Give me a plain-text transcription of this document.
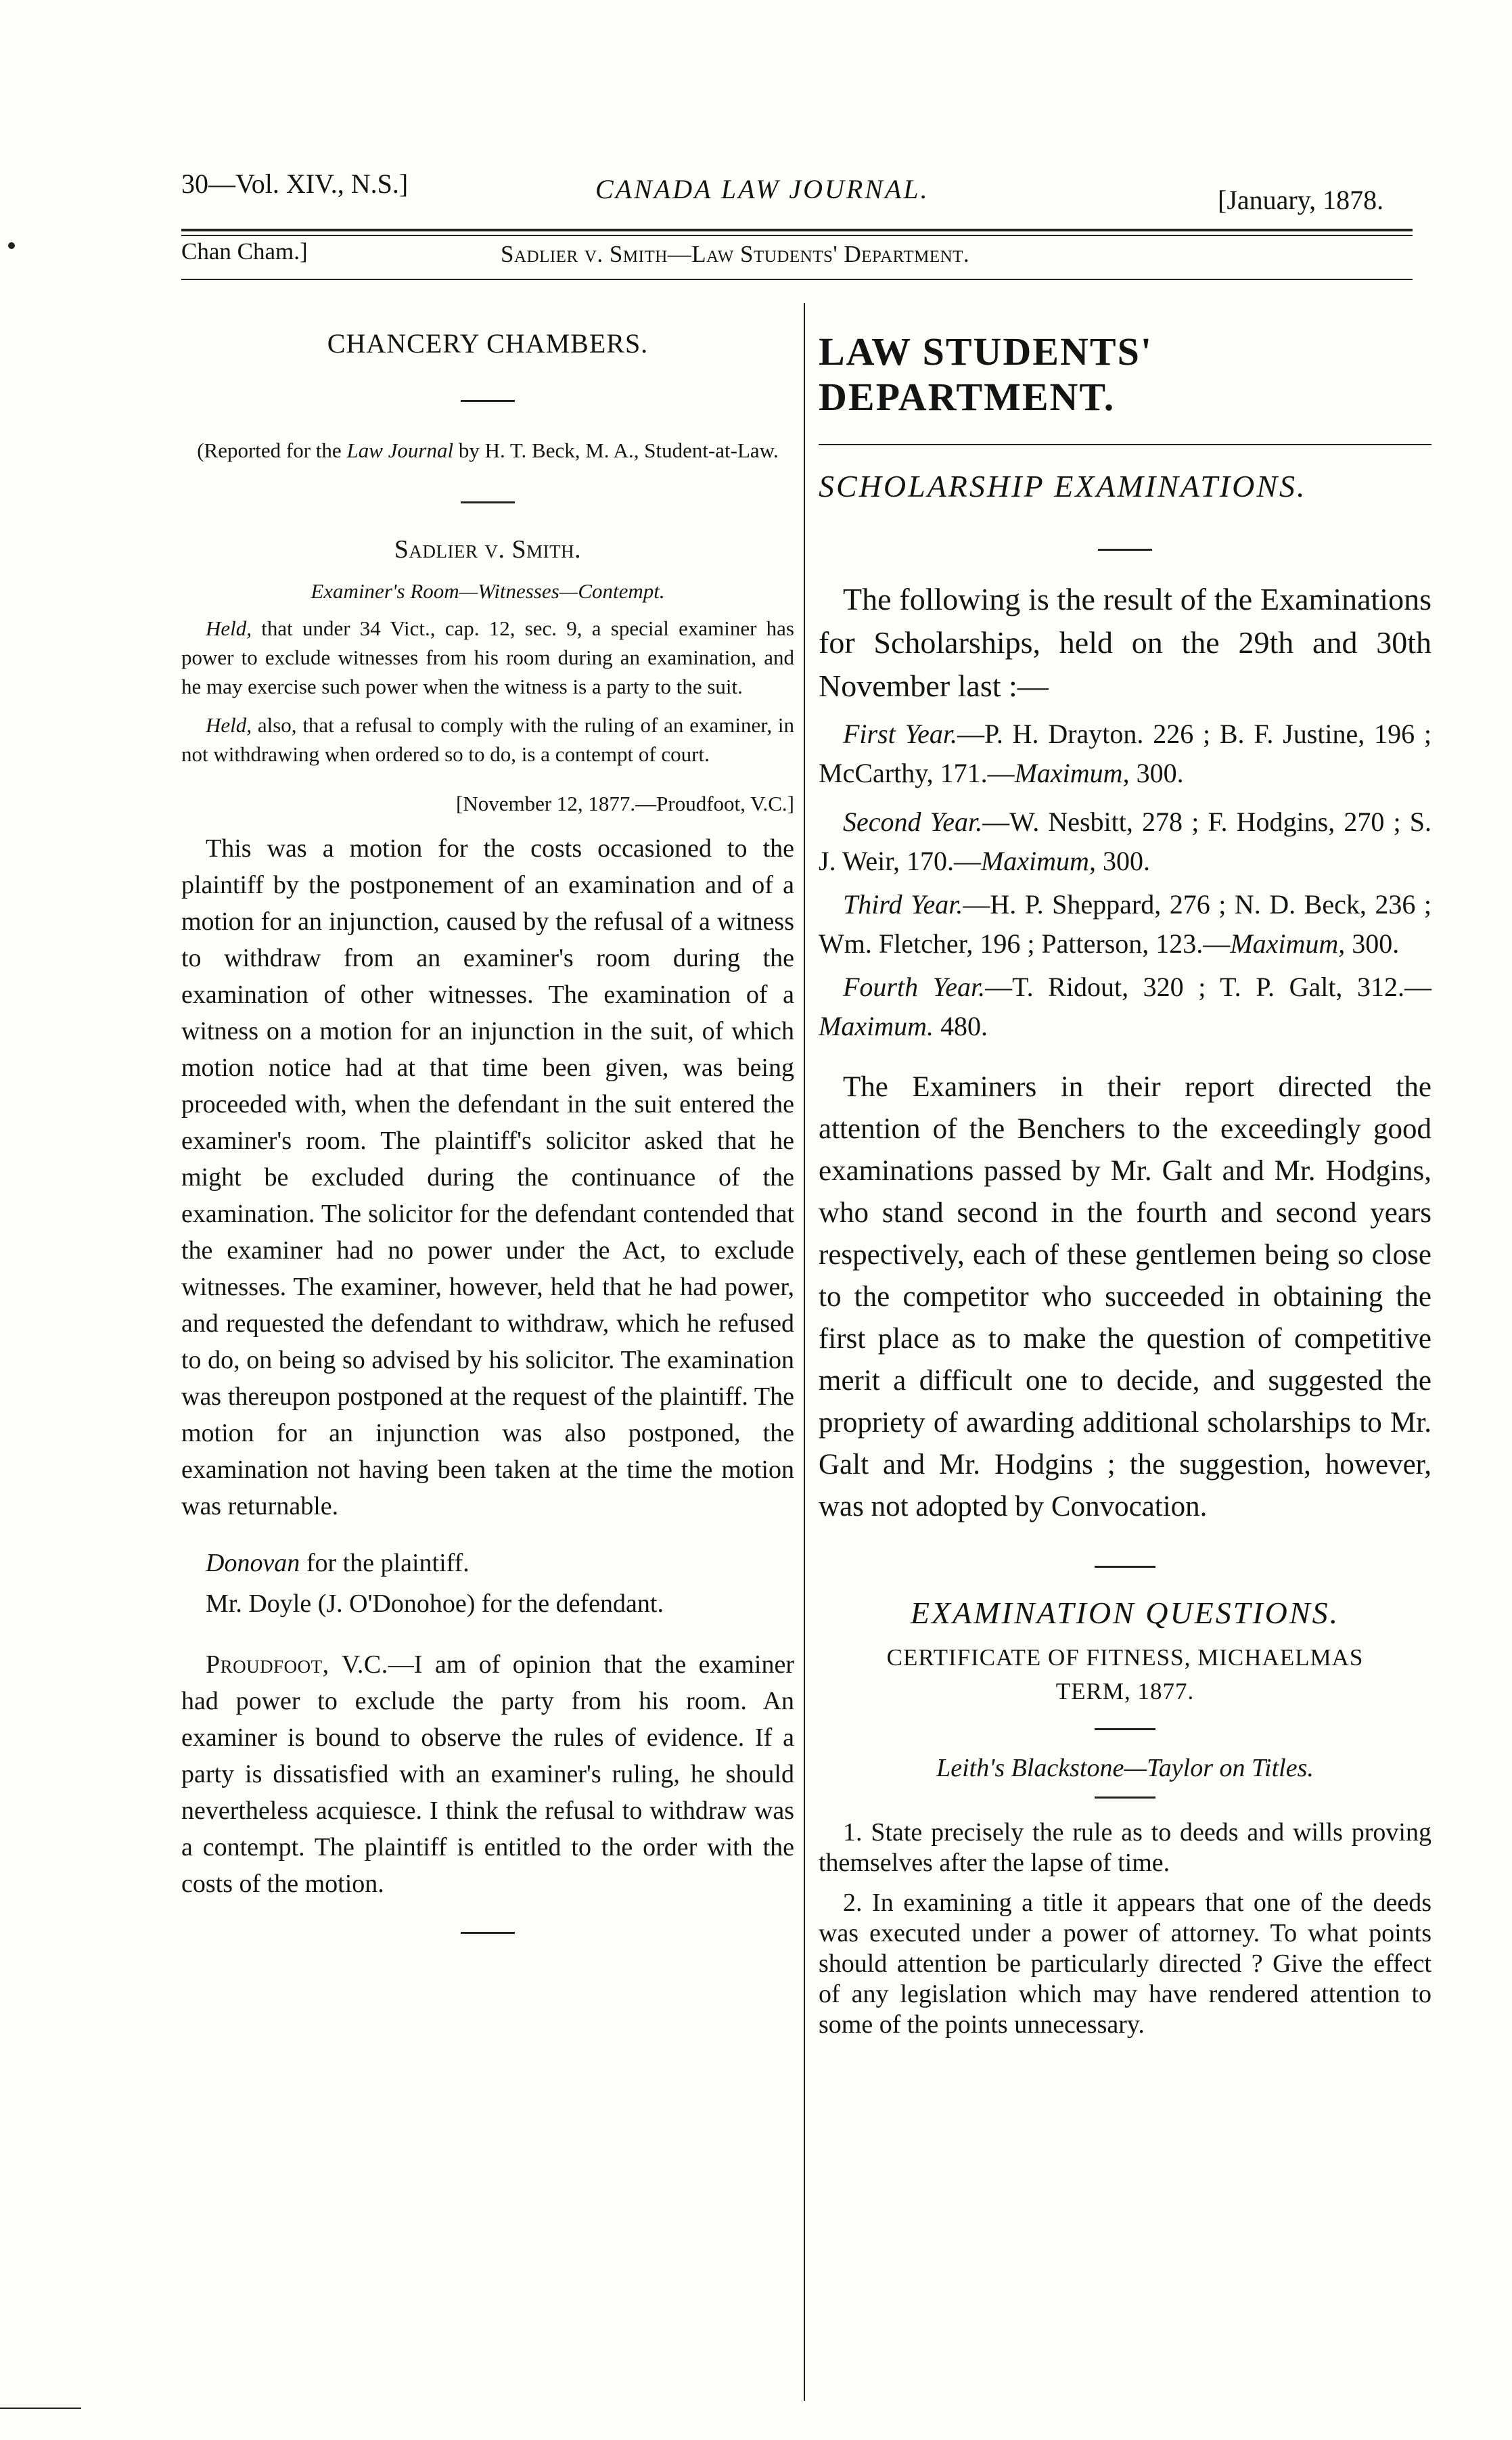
30—Vol. XIV., N.S.]	CANADA LAW JOURNAL.	[January, 1878.
Chan Cham.]	Sadlier v. Smith—Law Students' Department.
CHANCERY CHAMBERS.
(Reported for the Law Journal by H. T. Beck, M. A., Student-at-Law.
Sadlier v. Smith.
Examiner's Room—Witnesses—Contempt.

Held, that under 34 Vict., cap. 12, sec. 9, a special examiner has power to exclude witnesses from his room during an examination, and he may exercise such power when the witness is a party to the suit.

Held, also, that a refusal to comply with the ruling of an examiner, in not withdrawing when ordered so to do, is a contempt of court.

[November 12, 1877.—Proudfoot, V.C.]

This was a motion for the costs occasioned to the plaintiff by the postponement of an examination and of a motion for an injunction, caused by the refusal of a witness to withdraw from an examiner's room during the examination of other witnesses. The examination of a witness on a motion for an injunction in the suit, of which motion notice had at that time been given, was being proceeded with, when the defendant in the suit entered the examiner's room. The plaintiff's solicitor asked that he might be excluded during the continuance of the examination. The solicitor for the defendant contended that the examiner had no power under the Act, to exclude witnesses. The examiner, however, held that he had power, and requested the defendant to withdraw, which he refused to do, on being so advised by his solicitor. The examination was thereupon postponed at the request of the plaintiff. The motion for an injunction was also postponed, the examination not having been taken at the time the motion was returnable.

Donovan for the plaintiff.

Mr. Doyle (J. O'Donohoe) for the defendant.

Proudfoot, V.C.—I am of opinion that the examiner had power to exclude the party from his room. An examiner is bound to observe the rules of evidence. If a party is dissatisfied with an examiner's ruling, he should nevertheless acquiesce. I think the refusal to withdraw was a contempt. The plaintiff is entitled to the order with the costs of the motion.

LAW STUDENTS' DEPARTMENT.
SCHOLARSHIP EXAMINATIONS.

The following is the result of the Examinations for Scholarships, held on the 29th and 30th November last :—

First Year.—P. H. Drayton. 226 ; B. F. Justine, 196 ; McCarthy, 171.—Maximum, 300.

Second Year.—W. Nesbitt, 278 ; F. Hodgins, 270 ; S. J. Weir, 170.—Maximum, 300.

Third Year.—H. P. Sheppard, 276 ; N. D. Beck, 236 ; Wm. Fletcher, 196 ; Patterson, 123.—Maximum, 300.

Fourth Year.—T. Ridout, 320 ; T. P. Galt, 312.—Maximum. 480.

The Examiners in their report directed the attention of the Benchers to the exceedingly good examinations passed by Mr. Galt and Mr. Hodgins, who stand second in the fourth and second years respectively, each of these gentlemen being so close to the competitor who succeeded in obtaining the first place as to make the question of competitive merit a difficult one to decide, and suggested the propriety of awarding additional scholarships to Mr. Galt and Mr. Hodgins ; the suggestion, however, was not adopted by Convocation.

EXAMINATION QUESTIONS.
CERTIFICATE OF FITNESS, MICHAELMAS
TERM, 1877.
Leith's Blackstone—Taylor on Titles.

1. State precisely the rule as to deeds and wills proving themselves after the lapse of time.

2. In examining a title it appears that one of the deeds was executed under a power of attorney. To what points should attention be particularly directed ? Give the effect of any legislation which may have rendered attention to some of the points unnecessary.
